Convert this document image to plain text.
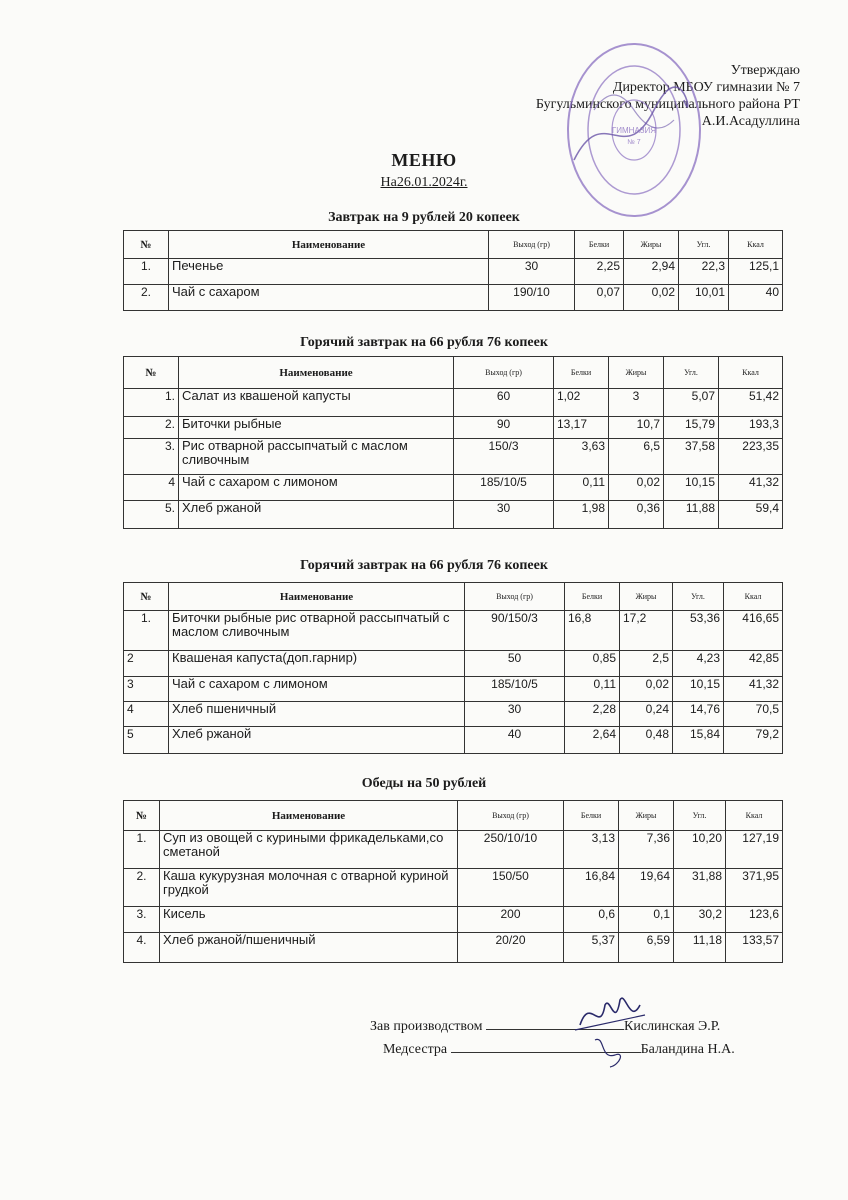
Утверждаю
Директор МБОУ гимназии № 7
Бугульминского муниципального района РТ
А.И.Асадуллина
ГИМНАЗИЯ
№ 7
МЕНЮ
На26.01.2024г.
Завтрак на 9 рублей 20 копеек
Горячий завтрак на 66 рубля 76 копеек
Горячий завтрак на 66 рубля 76 копеек
Обеды на 50 рублей
№	Наименование	Выход (гр)	Белки	Жиры	Угл.	Ккал
1.	Печенье	30	2,25	2,94	22,3	125,1
2.	Чай с сахаром	190/10	0,07	0,02	10,01	40
№	Наименование	Выход (гр)	Белки	Жиры	Угл.	Ккал
1.	Салат из квашеной капусты	60	1,02	3	5,07	51,42
2.	Биточки рыбные	90	13,17	10,7	15,79	193,3
3.	Рис отварной рассыпчатый с маслом сливочным	150/3	3,63	6,5	37,58	223,35
4	Чай с сахаром с лимоном	185/10/5	0,11	0,02	10,15	41,32
5.	Хлеб ржаной	30	1,98	0,36	11,88	59,4
№	Наименование	Выход (гр)	Белки	Жиры	Угл.	Ккал
1.	Биточки рыбные рис отварной рассыпчатый с маслом сливочным	90/150/3	16,8	17,2	53,36	416,65
2	Квашеная капуста(доп.гарнир)	50	0,85	2,5	4,23	42,85
3	Чай с сахаром с лимоном	185/10/5	0,11	0,02	10,15	41,32
4	Хлеб пшеничный	30	2,28	0,24	14,76	70,5
5	Хлеб ржаной	40	2,64	0,48	15,84	79,2
№	Наименование	Выход (гр)	Белки	Жиры	Угл.	Ккал
1.	Суп из овощей с куриными фрикадельками,со сметаной	250/10/10	3,13	7,36	10,20	127,19
2.	Каша кукурузная молочная с отварной куриной грудкой	150/50	16,84	19,64	31,88	371,95
3.	Кисель	200	0,6	0,1	30,2	123,6
4.	Хлеб ржаной/пшеничный	20/20	5,37	6,59	11,18	133,57
Зав производством	Кислинская Э.Р.
Медсестра	Баландина Н.А.
